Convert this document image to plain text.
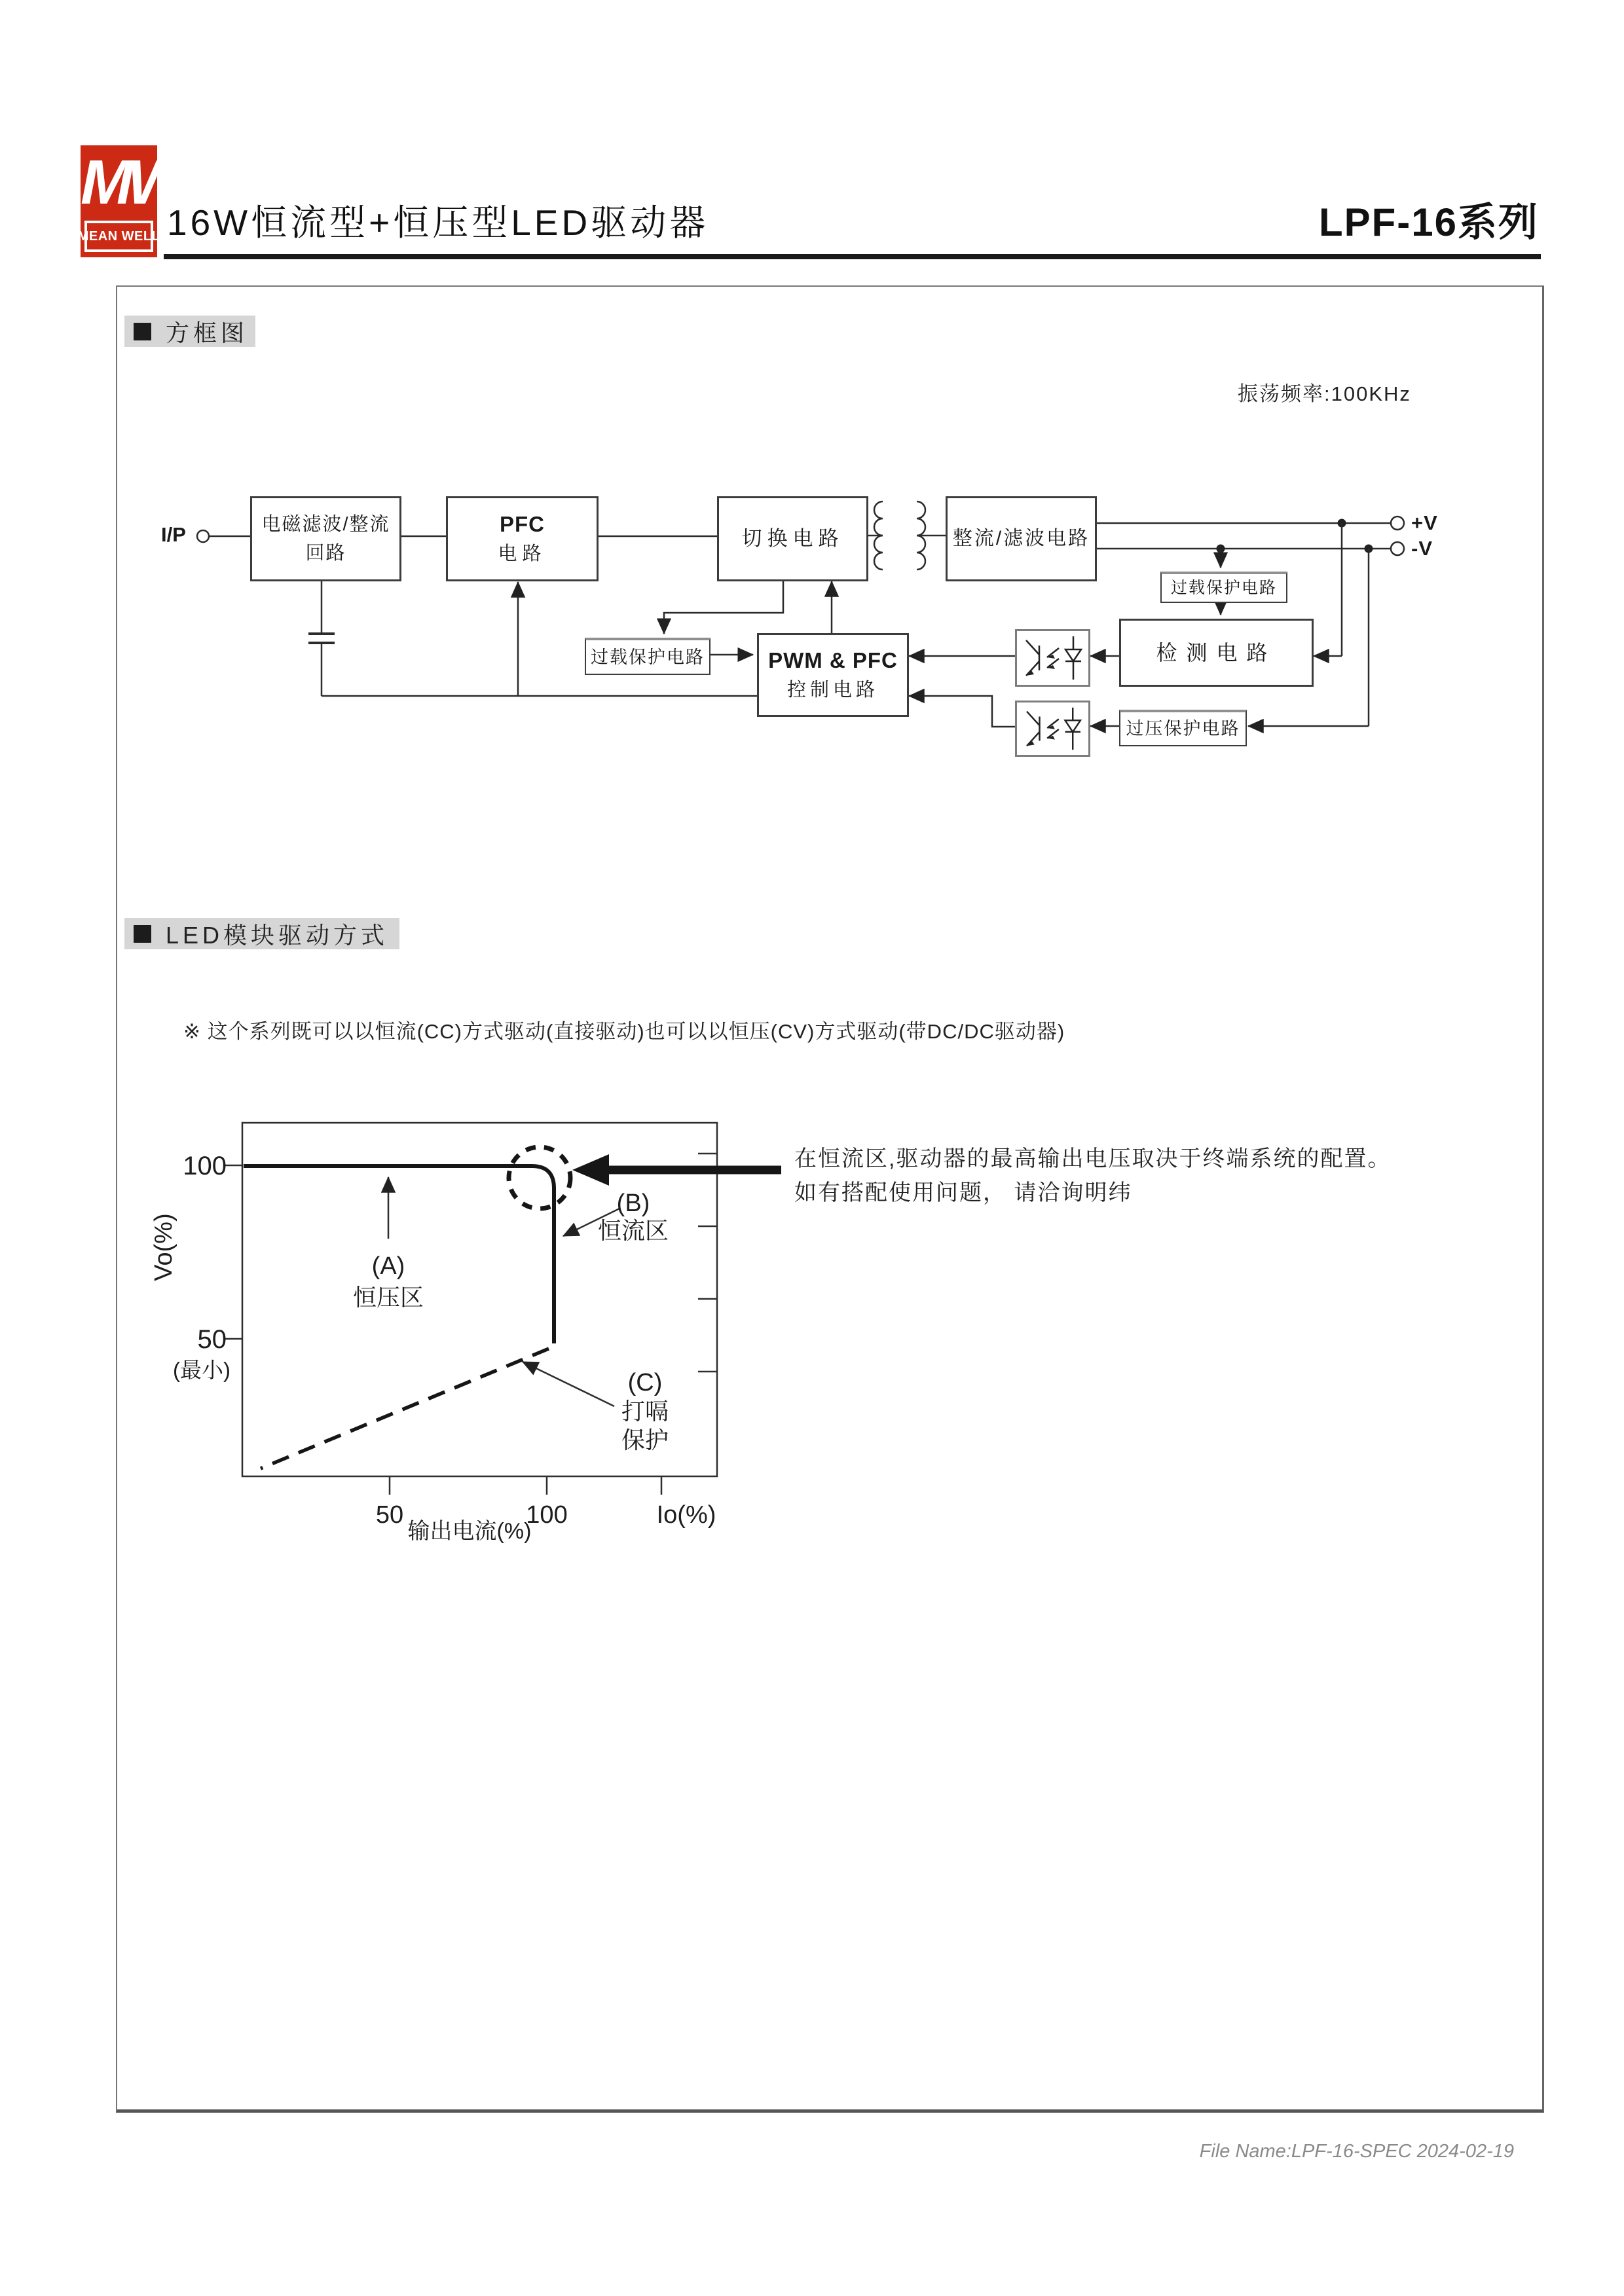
MW
MEAN WELL 16W恒流型+恒压型LED驱动器	LPF-16系列
方框图
振荡频率:100KHz
LED模块驱动方式
※ 这个系列既可以以恒流(CC)方式驱动(直接驱动)也可以以恒压(CV)方式驱动(带DC/DC驱动器)
100
50
(最小)
Vo(%)
50	100	Io(%)
(A)
恒压区
(B)
恒流区
(C)
打嗝
保护
输出电流(%)
I/P	电磁滤波/整流
回路
PFC
电路
切换电路	整流/滤波电路
过载保护电路	PWM & PFC
控制电路
检测电路
过载保护电路
过压保护电路
+V
-V
在恒流区,驱动器的最高输出电压取决于终端系统的配置。
如有搭配使用问题， 请洽询明纬
File Name:LPF-16-SPEC 2024-02-19
